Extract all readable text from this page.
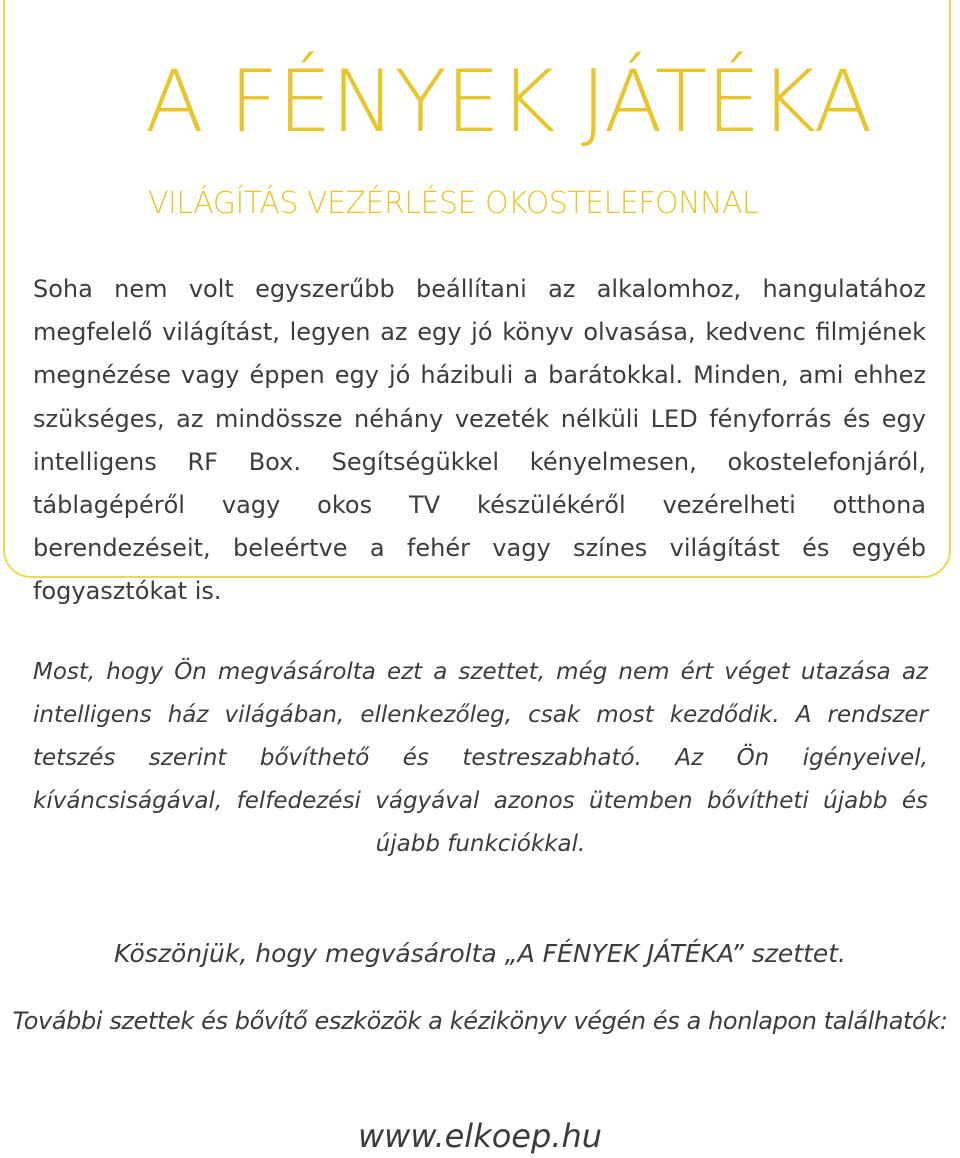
A FÉNYEK JÁTÉKA
VILÁGÍTÁS VEZÉRLÉSE OKOSTELEFONNAL

Soha nem volt egyszerűbb beállítani az alkalomhoz, hangulatához megfelelő világítást, legyen az egy jó könyv olvasása, kedvenc filmjének megnézése vagy éppen egy jó házibuli a barátokkal. Minden, ami ehhez szükséges, az mindössze néhány vezeték nélküli LED fényforrás és egy intelligens RF Box. Segítségükkel kényelmesen, okostelefonjáról, táblagépéről vagy okos TV készülékéről vezérelheti otthona berendezéseit, beleértve a fehér vagy színes világítást és egyéb fogyasztókat is.

Most, hogy Ön megvásárolta ezt a szettet, még nem ért véget utazása az intelligens ház világában, ellenkezőleg, csak most kezdődik. A rendszer tetszés szerint bővíthető és testreszabható. Az Ön igényeivel, kíváncsiságával, felfedezési vágyával azonos ütemben bővítheti újabb és újabb funkciókkal.

Köszönjük, hogy megvásárolta „A FÉNYEK JÁTÉKA” szettet.

További szettek és bővítő eszközök a kézikönyv végén és a honlapon találhatók:

www.elkoep.hu
